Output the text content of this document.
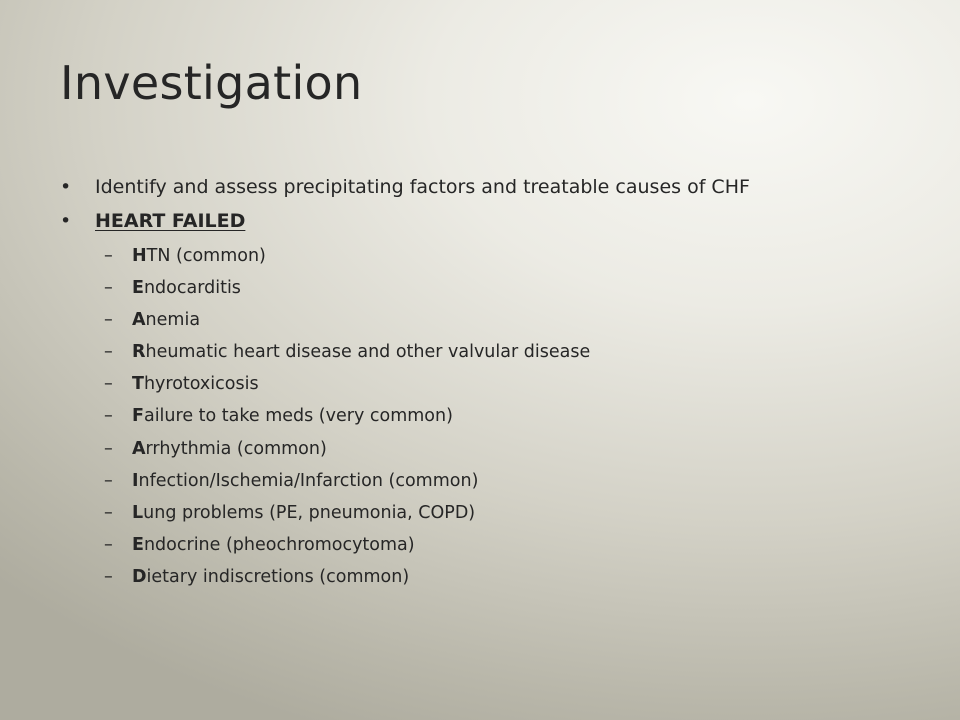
Investigation
• Identify and assess precipitating factors and treatable causes of CHF
• HEART FAILED
– HTN (common)
– Endocarditis
– Anemia
– Rheumatic heart disease and other valvular disease
– Thyrotoxicosis
– Failure to take meds (very common)
– Arrhythmia (common)
– Infection/Ischemia/Infarction (common)
– Lung problems (PE, pneumonia, COPD)
– Endocrine (pheochromocytoma)
– Dietary indiscretions (common)
